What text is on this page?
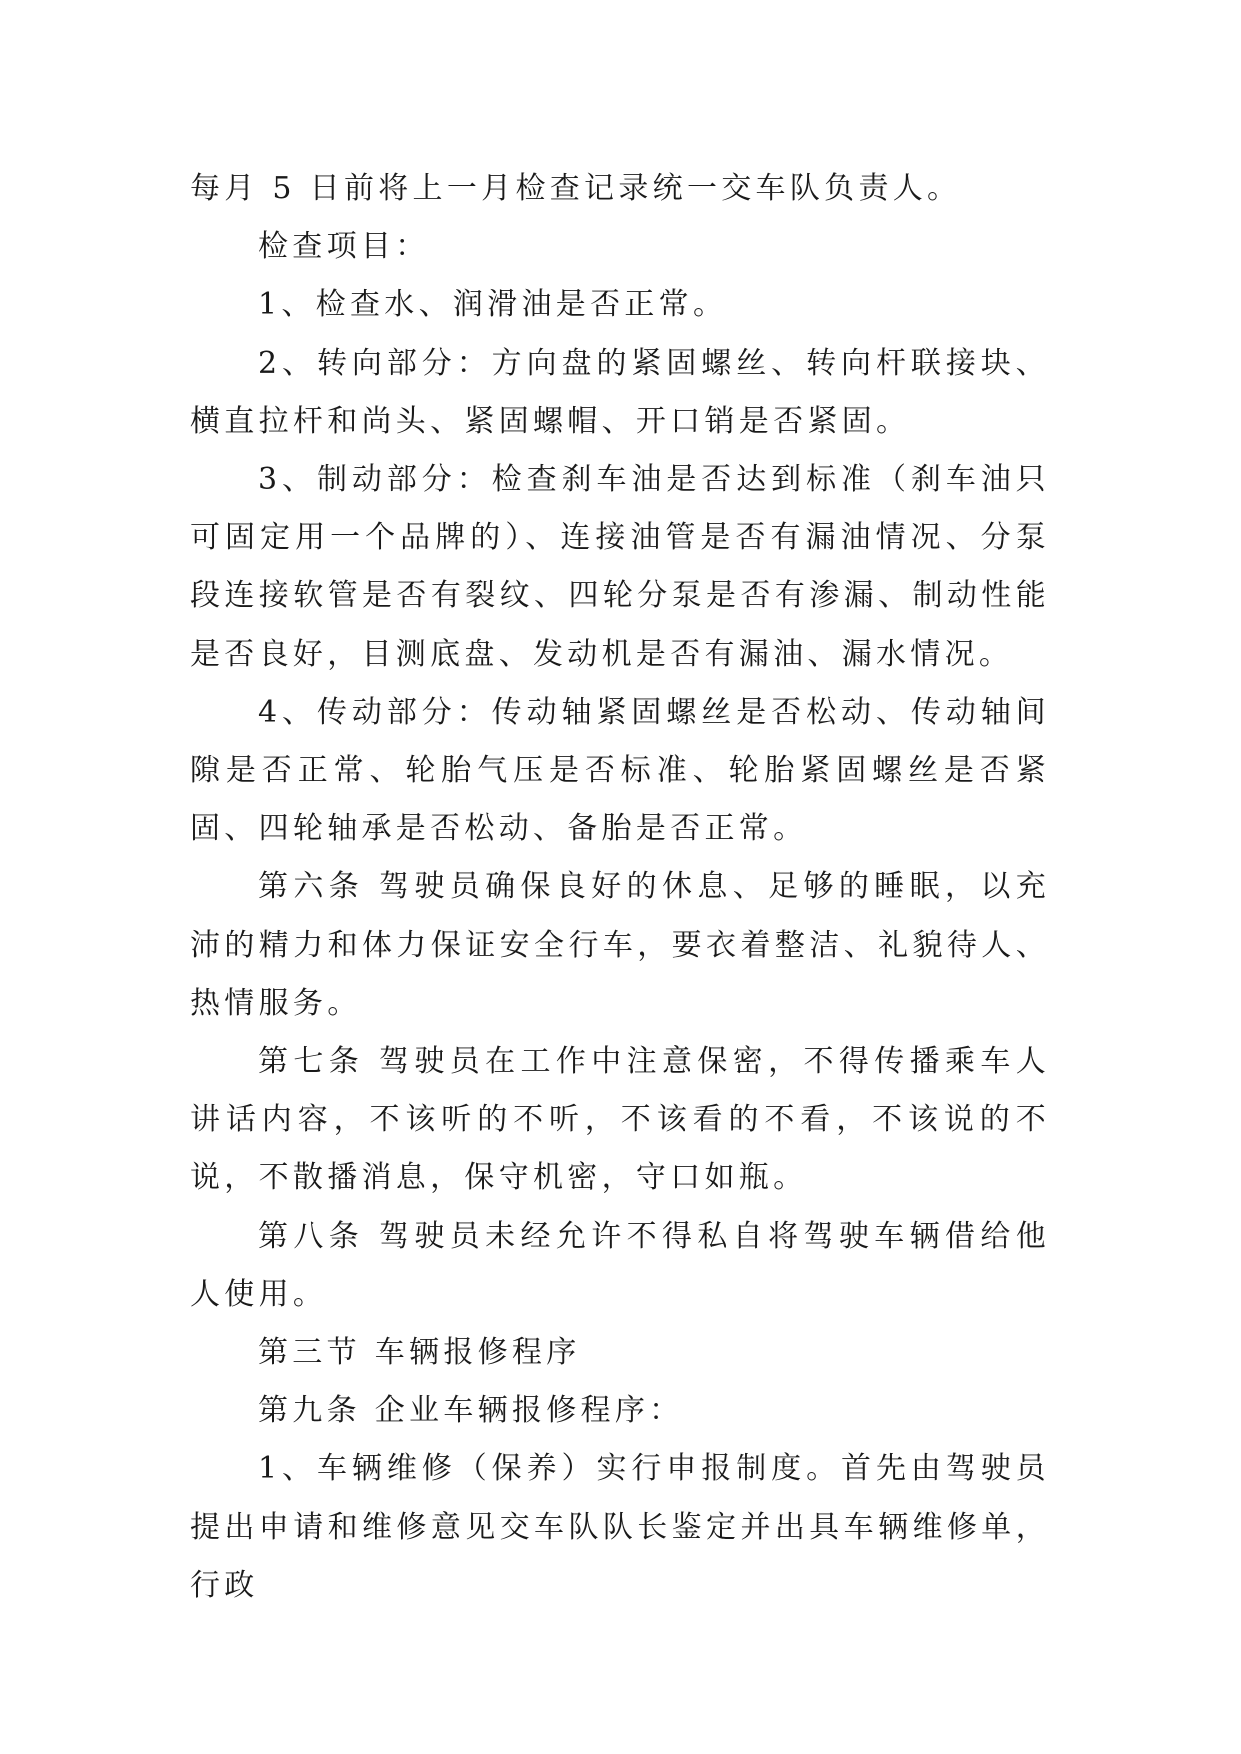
每月 5 日前将上一月检查记录统一交车队负责人。

检查项目：

1、检查水、润滑油是否正常。

2、转向部分：方向盘的紧固螺丝、转向杆联接块、横直拉杆和尚头、紧固螺帽、开口销是否紧固。

3、制动部分：检查刹车油是否达到标准（刹车油只可固定用一个品牌的）、连接油管是否有漏油情况、分泵段连接软管是否有裂纹、四轮分泵是否有渗漏、制动性能是否良好，目测底盘、发动机是否有漏油、漏水情况。

4、传动部分：传动轴紧固螺丝是否松动、传动轴间隙是否正常、轮胎气压是否标准、轮胎紧固螺丝是否紧固、四轮轴承是否松动、备胎是否正常。

第六条 驾驶员确保良好的休息、足够的睡眠，以充沛的精力和体力保证安全行车，要衣着整洁、礼貌待人、热情服务。

第七条 驾驶员在工作中注意保密，不得传播乘车人讲话内容，不该听的不听，不该看的不看，不该说的不说，不散播消息，保守机密，守口如瓶。

第八条 驾驶员未经允许不得私自将驾驶车辆借给他人使用。

第三节 车辆报修程序

第九条 企业车辆报修程序：

1、车辆维修（保养）实行申报制度。首先由驾驶员提出申请和维修意见交车队队长鉴定并出具车辆维修单，行政
